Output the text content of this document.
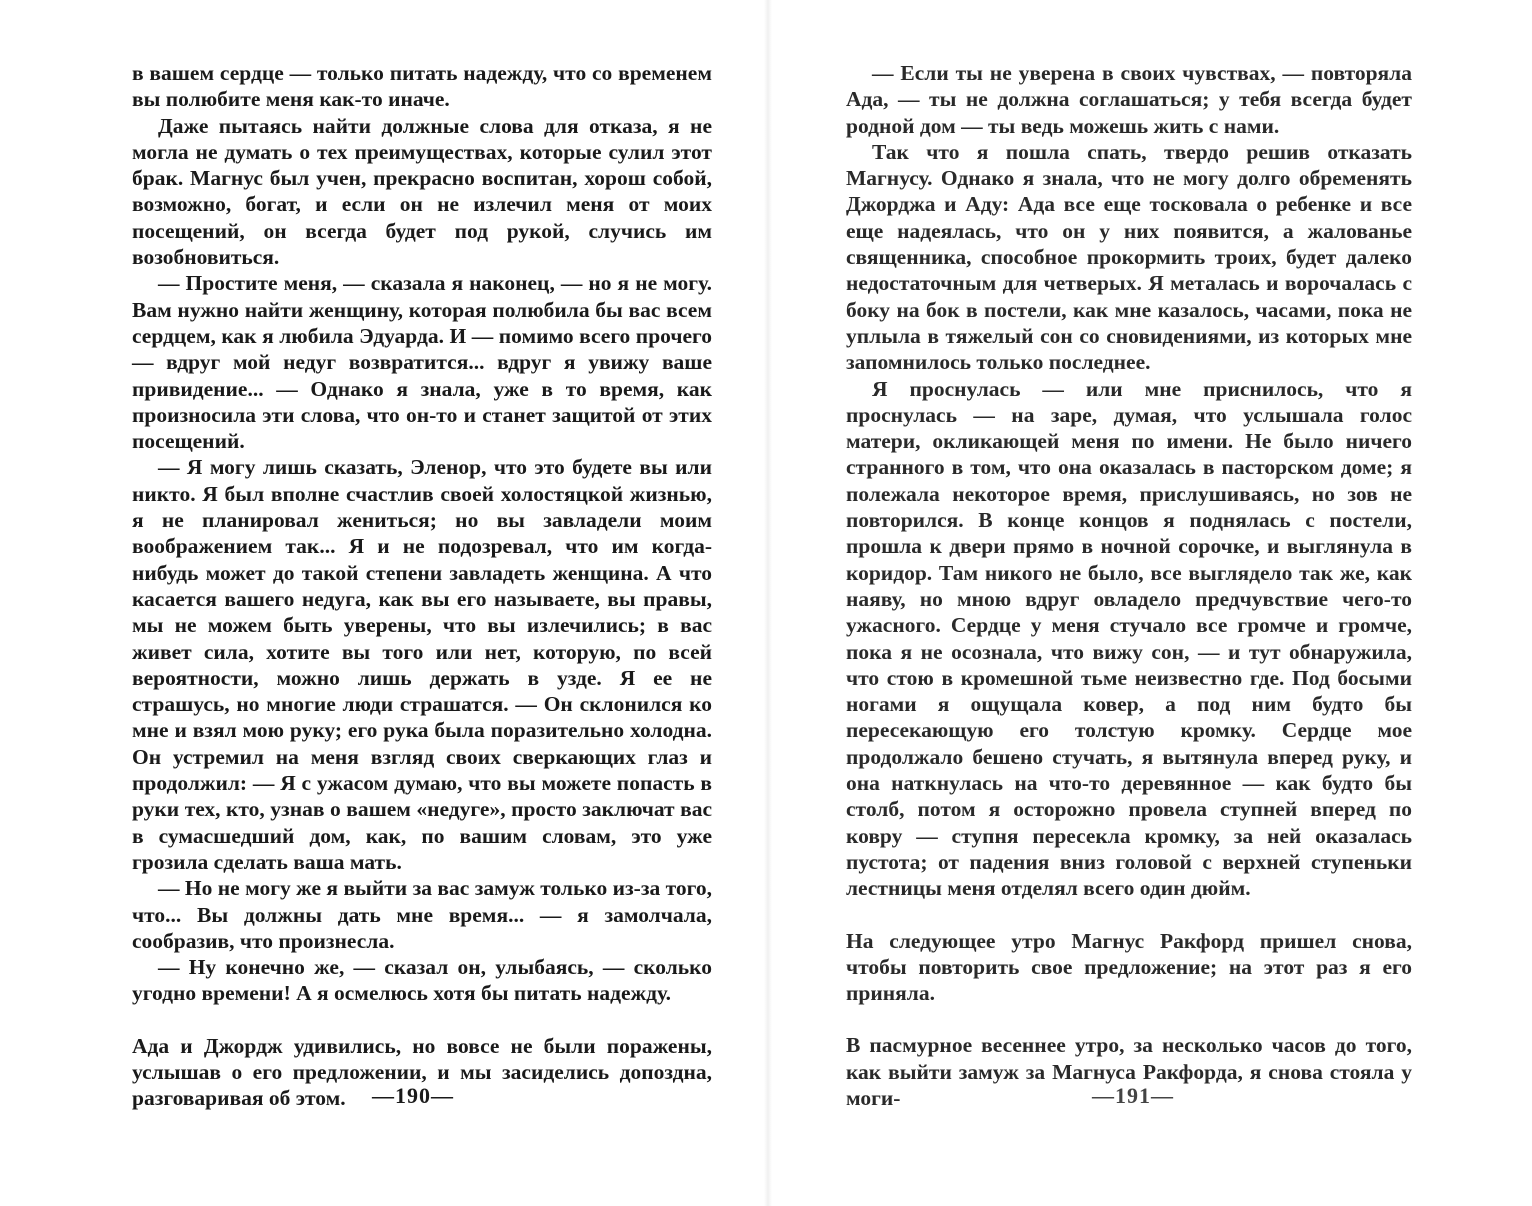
в вашем сердце — только питать надежду, что со временем вы полюбите меня как-то иначе.

Даже пытаясь найти должные слова для отказа, я не могла не думать о тех преимуществах, которые сулил этот брак. Магнус был учен, прекрасно воспитан, хорош собой, возможно, богат, и если он не излечил меня от моих посещений, он всегда будет под рукой, случись им возобновиться.

— Простите меня, — сказала я наконец, — но я не могу. Вам нужно найти женщину, которая полюбила бы вас всем сердцем, как я любила Эдуарда. И — помимо всего прочего — вдруг мой недуг возвратится... вдруг я увижу ваше привидение... — Однако я знала, уже в то время, как произносила эти слова, что он-то и станет защитой от этих посещений.

— Я могу лишь сказать, Эленор, что это будете вы или никто. Я был вполне счастлив своей холостяцкой жизнью, я не планировал жениться; но вы завладели моим воображением так... Я и не подозревал, что им когда-нибудь может до такой степени завладеть женщина. А что касается вашего недуга, как вы его называете, вы правы, мы не можем быть уверены, что вы излечились; в вас живет сила, хотите вы того или нет, которую, по всей вероятности, можно лишь держать в узде. Я ее не страшусь, но многие люди страшатся. — Он склонился ко мне и взял мою руку; его рука была поразительно холодна. Он устремил на меня взгляд своих сверкающих глаз и продолжил: — Я с ужасом думаю, что вы можете попасть в руки тех, кто, узнав о вашем «недуге», просто заключат вас в сумасшедший дом, как, по вашим словам, это уже грозила сделать ваша мать.

— Но не могу же я выйти за вас замуж только из-за того, что... Вы должны дать мне время... — я замолчала, сообразив, что произнесла.

— Ну конечно же, — сказал он, улыбаясь, — сколько угодно времени! А я осмелюсь хотя бы питать надежду.

Ада и Джордж удивились, но вовсе не были поражены, услышав о его предложении, и мы засиделись допоздна, разговаривая об этом.

— Если ты не уверена в своих чувствах, — повторяла Ада, — ты не должна соглашаться; у тебя всегда будет родной дом — ты ведь можешь жить с нами.

Так что я пошла спать, твердо решив отказать Магнусу. Однако я знала, что не могу долго обременять Джорджа и Аду: Ада все еще тосковала о ребенке и все еще надеялась, что он у них появится, а жалованье священника, способное прокормить троих, будет далеко недостаточным для четверых. Я металась и ворочалась с боку на бок в постели, как мне казалось, часами, пока не уплыла в тяжелый сон со сновидениями, из которых мне запомнилось только последнее.

Я проснулась — или мне приснилось, что я проснулась — на заре, думая, что услышала голос матери, окликающей меня по имени. Не было ничего странного в том, что она оказалась в пасторском доме; я полежала некоторое время, прислушиваясь, но зов не повторился. В конце концов я поднялась с постели, прошла к двери прямо в ночной сорочке, и выглянула в коридор. Там никого не было, все выглядело так же, как наяву, но мною вдруг овладело предчувствие чего-то ужасного. Сердце у меня стучало все громче и громче, пока я не осознала, что вижу сон, — и тут обнаружила, что стою в кромешной тьме неизвестно где. Под босыми ногами я ощущала ковер, а под ним будто бы пересекающую его толстую кромку. Сердце мое продолжало бешено стучать, я вытянула вперед руку, и она наткнулась на что-то деревянное — как будто бы столб, потом я осторожно провела ступней вперед по ковру — ступня пересекла кромку, за ней оказалась пустота; от падения вниз головой с верхней ступеньки лестницы меня отделял всего один дюйм.

На следующее утро Магнус Ракфорд пришел снова, чтобы повторить свое предложение; на этот раз я его приняла.

В пасмурное весеннее утро, за несколько часов до того, как выйти замуж за Магнуса Ракфорда, я снова стояла у моги-

—190—	—191—
